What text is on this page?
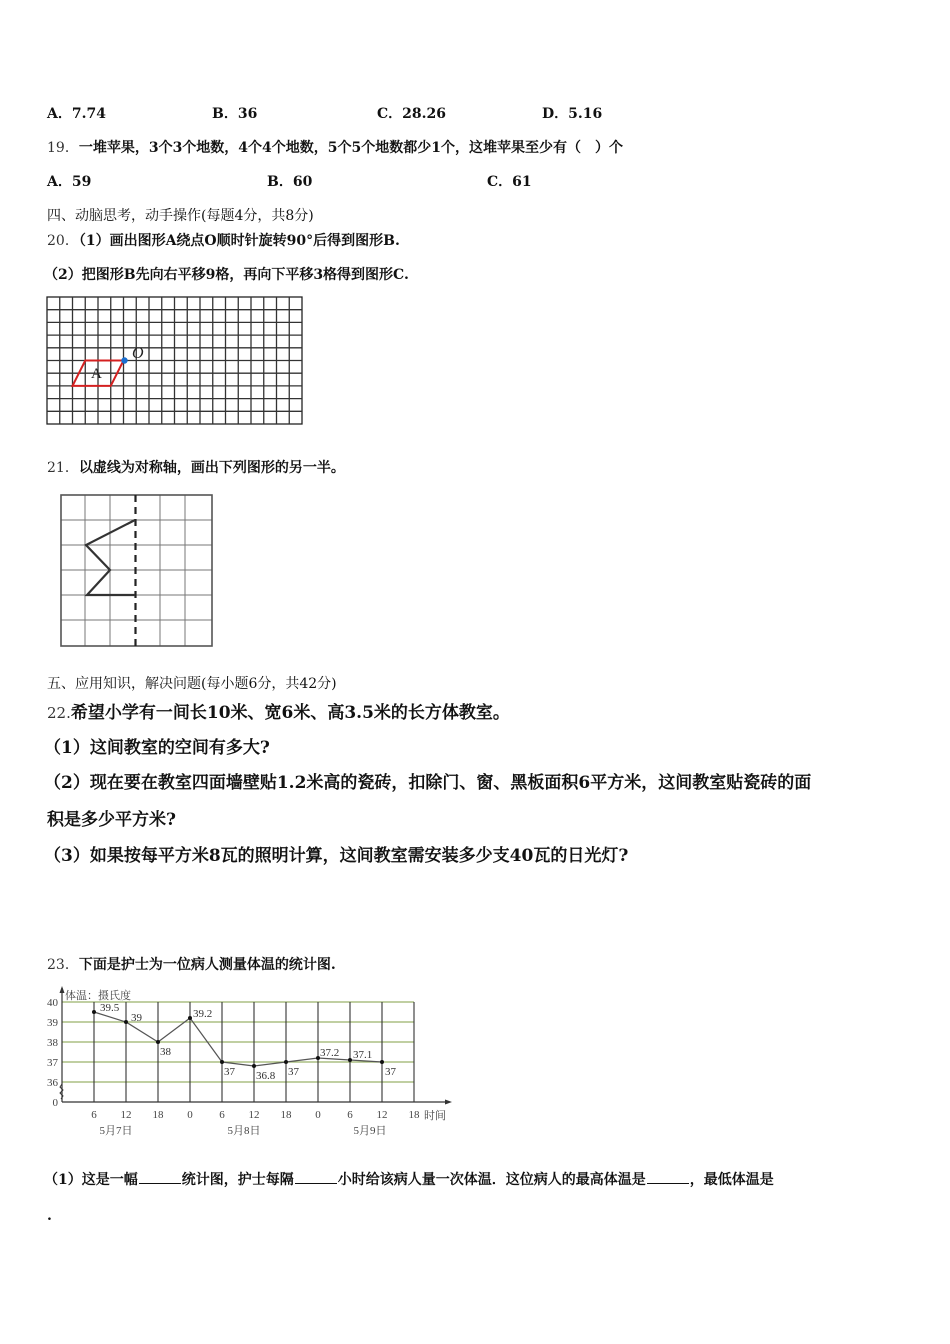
A．7.74	B．36	C．28.26	D．5.16
19．一堆苹果，3个3个地数，4个4个地数，5个5个地数都少1个，这堆苹果至少有（　）个
A．59	B．60	C．61
四、动脑思考，动手操作(每题4分，共8分)
20．（1）画出图形A绕点O顺时针旋转90°后得到图形B.
（2）把图形B先向右平移9格，再向下平移3格得到图形C.
A
O
21．以虚线为对称轴，画出下列图形的另一半。
五、应用知识，解决问题(每小题6分，共42分)
22.希望小学有一间长10米、宽6米、高3.5米的长方体教室。
（1）这间教室的空间有多大?
（2）现在要在教室四面墙壁贴1.2米高的瓷砖，扣除门、窗、黑板面积6平方米，这间教室贴瓷砖的面
积是多少平方米?
（3）如果按每平方米8瓦的照明计算，这间教室需安装多少支40瓦的日光灯?
23．下面是护士为一位病人测量体温的统计图.
体温：摄氏度
40
39
38
37
36
0
6 12 18 0 6 12 18 0 6 12 18 时间
5月7日	5月8日	5月9日
39.5
39
38
39.2
37 36.8 37
37.2 37.1
37
（1）这是一幅	统计图，护士每隔	小时给该病人量一次体温．这位病人的最高体温是	，最低体温是
.
